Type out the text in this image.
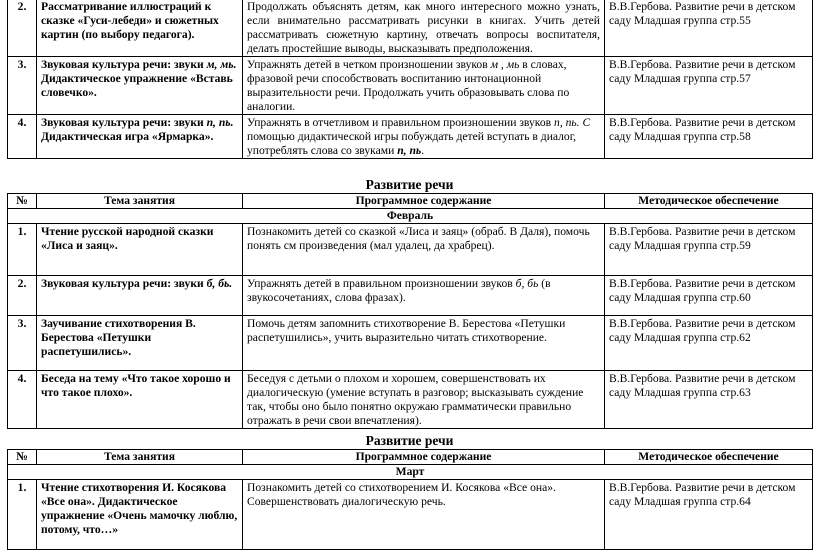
2.	Рассматривание иллюстраций к сказке «Гуси-лебеди» и сюжетных картин (по выбору педагога).	Продолжать объяснять детям, как много интересного можно узнать, если внимательно рассматривать рисунки в книгах. Учить детей рассматривать сюжетную картину, отвечать вопросы воспитателя, делать простейшие выводы, высказывать предположения.	В.В.Гербова. Развитие речи в детском саду Младшая группа стр.55
3.	Звуковая культура речи: звуки м, мь. Дидактическое упражнение «Вставь словечко».	Упражнять детей в четком произношении звуков м , мь в словах, фразовой речи способствовать воспитанию интонационной выразительности речи. Продолжать учить образовывать слова по аналогии.	В.В.Гербова. Развитие речи в детском саду Младшая группа стр.57
4.	Звуковая культура речи: звуки п, пь. Дидактическая игра «Ярмарка».	Упражнять в отчетливом и правильном произношении звуков п, пь. С помощью дидактической игры побуждать детей вступать в диалог, употреблять слова со звуками п, пь.	В.В.Гербова. Развитие речи в детском саду Младшая группа стр.58
Развитие речи
№	Тема занятия	Программное содержание	Методическое обеспечение
Февраль			
1.	Чтение русской народной сказки «Лиса и заяц».	Познакомить детей со сказкой «Лиса и заяц» (обраб. В Даля), помочь понять см произведения (мал удалец, да храбрец).	В.В.Гербова. Развитие речи в детском саду Младшая группа стр.59
2.	Звуковая культура речи: звуки б, бь.	Упражнять детей в правильном произношении звуков б, бь (в звукосочетаниях, слова фразах).	В.В.Гербова. Развитие речи в детском саду Младшая группа стр.60
3.	Заучивание стихотворения В. Берестова «Петушки распетушились».	Помочь детям запомнить стихотворение В. Берестова «Петушки распетушились», учить выразительно читать стихотворение.	В.В.Гербова. Развитие речи в детском саду Младшая группа стр.62
4.	Беседа на тему «Что такое хорошо и что такое плохо».	Беседуя с детьми о плохом и хорошем, совершенствовать их диалогическую (умение вступать в разговор; высказывать суждение так, чтобы оно было понятно окружаю грамматически правильно отражать в речи свои впечатления).	В.В.Гербова. Развитие речи в детском саду Младшая группа стр.63
Развитие речи
№	Тема занятия	Программное содержание	Методическое обеспечение
Март			
1.	Чтение стихотворения И. Косякова «Все она». Дидактическое упражнение «Очень мамочку люблю, потому, что…»	Познакомить детей со стихотворением И. Косякова «Все она». Совершенствовать диалогическую речь.	В.В.Гербова. Развитие речи в детском саду Младшая группа стр.64
